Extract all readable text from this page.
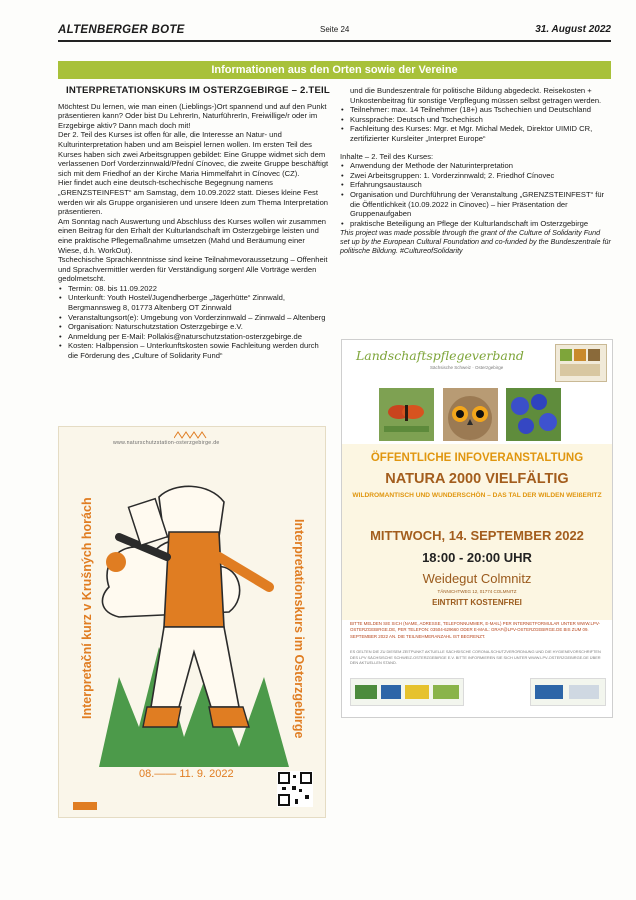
ALTENBERGER BOTE	Seite 24	31. August 2022
Informationen aus den Orten sowie der Vereine
INTERPRETATIONSKURS IM OSTERZGEBIRGE – 2.TEIL

Möchtest Du lernen, wie man einen (Lieblings-)Ort spannend und auf den Punkt präsentieren kann? Oder bist Du LehrerIn, NaturführerIn, Freiwillige/r oder im Erzgebirge aktiv? Dann mach doch mit!

Der 2. Teil des Kurses ist offen für alle, die Interesse an Natur- und Kulturinterpretation haben und am Beispiel lernen wollen. Im ersten Teil des Kurses haben sich zwei Arbeitsgruppen gebildet: Eine Gruppe widmet sich dem verlassenen Dorf Vorderzinnwald/Přední Cínovec, die zweite Gruppe beschäftigt sich mit dem Friedhof an der Kirche Maria Himmelfahrt in Cínovec (CZ).

Hier findet auch eine deutsch-tschechische Begegnung namens „GRENZSTEINFEST“ am Samstag, dem 10.09.2022 statt. Dieses kleine Fest werden wir als Gruppe organisieren und unsere Ideen zum Thema Interpretation präsentieren.

Am Sonntag nach Auswertung und Abschluss des Kurses wollen wir zusammen einen Beitrag für den Erhalt der Kulturlandschaft im Osterzgebirge leisten und eine praktische Pflegemaßnahme umsetzen (Mahd und Beräumung einer Wiese, d.h. WorkOut).

Tschechische Sprachkenntnisse sind keine Teilnahmevoraussetzung – Offenheit und Sprachvermittler werden für Verständigung sorgen! Alle Vorträge werden gedolmetscht.

• Termin: 08. bis 11.09.2022
• Unterkunft: Youth Hostel/Jugendherberge „Jägerhütte“ Zinnwald, Bergmannsweg 8, 01773 Altenberg OT Zinnwald
• Veranstaltungsort(e): Umgebung von Vorderzinnwald – Zinnwald – Altenberg
• Organisation: Naturschutzstation Osterzgebirge e.V.
• Anmeldung per E-Mail: Pollakis@naturschutzstation-osterzgebirge.de
• Kosten: Halbpension – Unterkunftskosten sowie Fachleitung werden durch die Förderung des „Culture of Solidarity Fund“

und die Bundeszentrale für politische Bildung abgedeckt. Reisekosten + Unkostenbeitrag für sonstige Verpflegung müssen selbst getragen werden.

• Teilnehmer: max. 14 Teilnehmer (18+) aus Tschechien und Deutschland
• Kurssprache: Deutsch und Tschechisch
• Fachleitung des Kurses: Mgr. et Mgr. Michal Medek, Direktor UIMID CR, zertifizierter Kursleiter „Interpret Europe“

Inhalte – 2. Teil des Kurses:

• Anwendung der Methode der Naturinterpretation
• Zwei Arbeitsgruppen: 1. Vorderzinnwald; 2. Friedhof Cínovec
• Erfahrungsaustausch
• Organisation und Durchführung der Veranstaltung „GRENZSTEINFEST“ für die Öffentlichkeit (10.09.2022 in Cinovec) – hier Präsentation der Gruppenaufgaben
• praktische Beteiligung an Pflege der Kulturlandschaft im Osterzgebirge

This project was made possible through the grant of the Culture of Solidarity Fund set up by the European Cultural Foundation and co-funded by the Bundeszentrale für politische Bildung. #CultureofSolidarity

Landschaftspflegeverband
Sächsische Schweiz · Osterzgebirge
ÖFFENTLICHE INFOVERANSTALTUNG
NATURA 2000 VIELFÄLTIG
WILDROMANTISCH UND WUNDERSCHÖN – DAS TAL DER WILDEN WEIßERITZ
MITTWOCH, 14. SEPTEMBER 2022
18:00 - 20:00 UHR
Weidegut Colmnitz
TÄNNICHTWEG 12, 01774 COLMNITZ
EINTRITT KOSTENFREI
BITTE MELDEN SIE SICH (NAME, ADRESSE, TELEFONNUMMER, E-MAIL) PER INTERNETFORMULAR UNTER WWW.LPV-OSTERZGEBIRGE.DE, PER TELEFON: 03504-629660 ODER E-MAIL: GRAF@LPV-OSTERZGEBIRGE.DE BIS ZUM 09. SEPTEMBER 2022 AN. DIE TEILNEHMERANZAHL IST BEGRENZT.
ES GELTEN DIE ZU DIESEM ZEITPUNKT AKTUELLE SÄCHSISCHE CORONA-SCHUTZVERORDNUNG UND DIE HYGIENEVORSCHRIFTEN DES LPV SÄCHSISCHE SCHWEIZ-OSTERZGEBIRGE E.V. BITTE INFORMIEREN SIE SICH UNTER WWW.LPV-OSTERZGEBIRGE.DE ÜBER DEN AKTUELLEN STAND.
www.naturschutzstation-osterzgebirge.de
Interpretační kurz v Krušných horách	Interpretationskurs im Osterzgebirge
08.—— 11. 9. 2022
